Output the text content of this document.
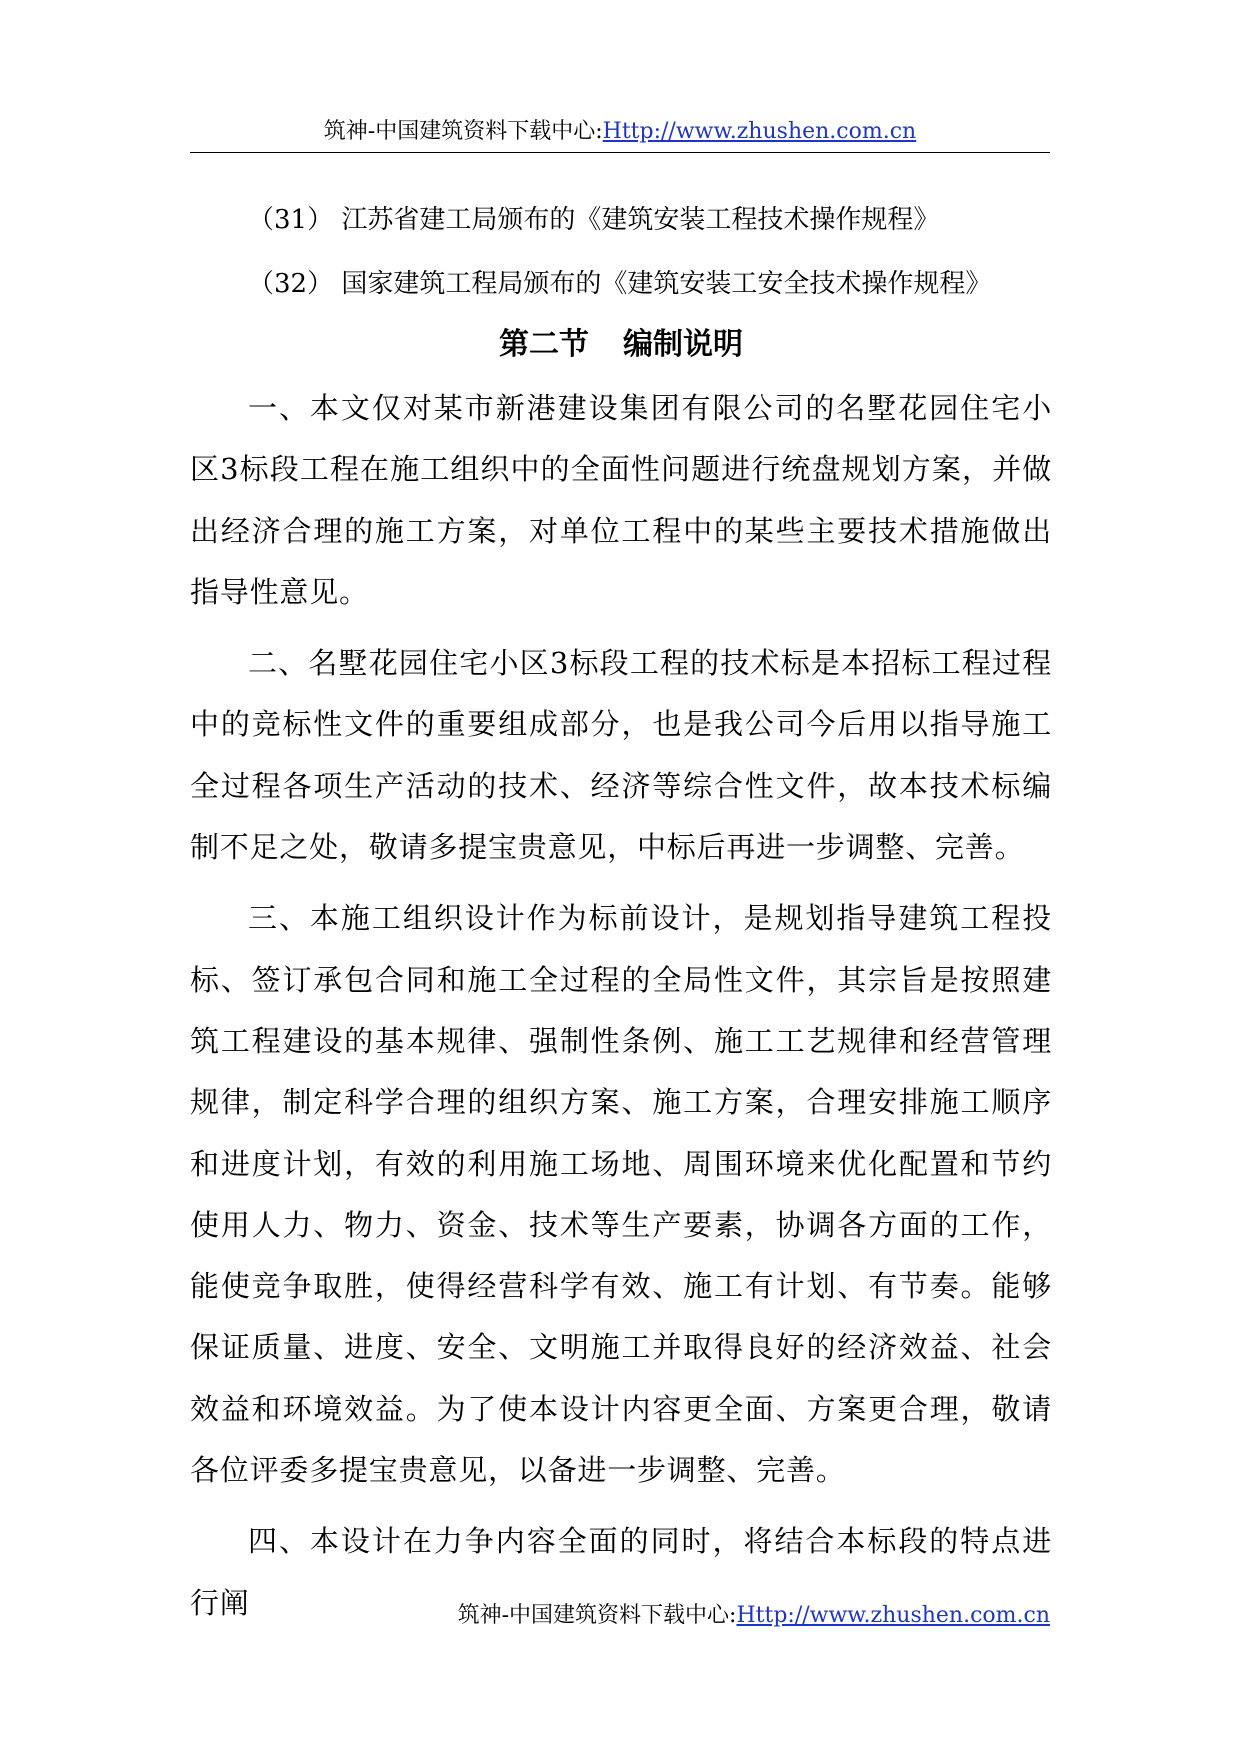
筑神-中国建筑资料下载中心:Http://www.zhushen.com.cn
（31） 江苏省建工局颁布的《建筑安装工程技术操作规程》
（32） 国家建筑工程局颁布的《建筑安装工安全技术操作规程》
第二节 编制说明

一、本文仅对某市新港建设集团有限公司的名墅花园住宅小区3标段工程在施工组织中的全面性问题进行统盘规划方案，并做出经济合理的施工方案，对单位工程中的某些主要技术措施做出指导性意见。

二、名墅花园住宅小区3标段工程的技术标是本招标工程过程中的竞标性文件的重要组成部分，也是我公司今后用以指导施工全过程各项生产活动的技术、经济等综合性文件，故本技术标编制不足之处，敬请多提宝贵意见，中标后再进一步调整、完善。

三、本施工组织设计作为标前设计，是规划指导建筑工程投标、签订承包合同和施工全过程的全局性文件，其宗旨是按照建筑工程建设的基本规律、强制性条例、施工工艺规律和经营管理规律，制定科学合理的组织方案、施工方案，合理安排施工顺序和进度计划，有效的利用施工场地、周围环境来优化配置和节约使用人力、物力、资金、技术等生产要素，协调各方面的工作，能使竞争取胜，使得经营科学有效、施工有计划、有节奏。能够保证质量、进度、安全、文明施工并取得良好的经济效益、社会效益和环境效益。为了使本设计内容更全面、方案更合理，敬请各位评委多提宝贵意见，以备进一步调整、完善。

四、本设计在力争内容全面的同时，将结合本标段的特点进行阐	筑神-中国建筑资料下载中心:Http://www.zhushen.com.cn
